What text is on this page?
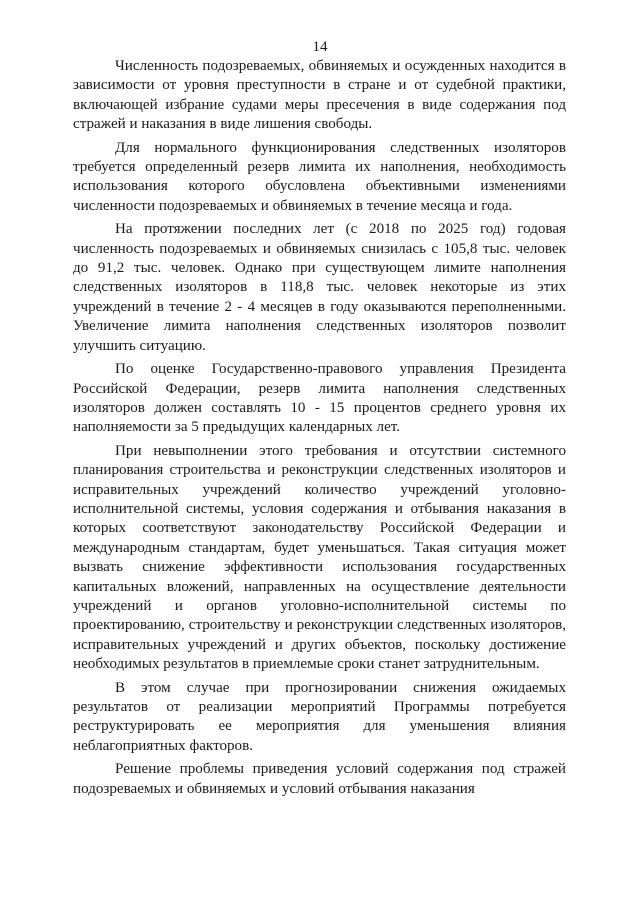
14

Численность подозреваемых, обвиняемых и осужденных находится в зависимости от уровня преступности в стране и от судебной практики, включающей избрание судами меры пресечения в виде содержания под стражей и наказания в виде лишения свободы.

Для нормального функционирования следственных изоляторов требуется определенный резерв лимита их наполнения, необходимость использования которого обусловлена объективными изменениями численности подозреваемых и обвиняемых в течение месяца и года.

На протяжении последних лет (с 2018 по 2025 год) годовая численность подозреваемых и обвиняемых снизилась с 105,8 тыс. человек до 91,2 тыс. человек. Однако при существующем лимите наполнения следственных изоляторов в 118,8 тыс. человек некоторые из этих учреждений в течение 2 - 4 месяцев в году оказываются переполненными. Увеличение лимита наполнения следственных изоляторов позволит улучшить ситуацию.

По оценке Государственно-правового управления Президента Российской Федерации, резерв лимита наполнения следственных изоляторов должен составлять 10 - 15 процентов среднего уровня их наполняемости за 5 предыдущих календарных лет.

При невыполнении этого требования и отсутствии системного планирования строительства и реконструкции следственных изоляторов и исправительных учреждений количество учреждений уголовно-исполнительной системы, условия содержания и отбывания наказания в которых соответствуют законодательству Российской Федерации и международным стандартам, будет уменьшаться. Такая ситуация может вызвать снижение эффективности использования государственных капитальных вложений, направленных на осуществление деятельности учреждений и органов уголовно-исполнительной системы по проектированию, строительству и реконструкции следственных изоляторов, исправительных учреждений и других объектов, поскольку достижение необходимых результатов в приемлемые сроки станет затруднительным.

В этом случае при прогнозировании снижения ожидаемых результатов от реализации мероприятий Программы потребуется реструктурировать ее мероприятия для уменьшения влияния неблагоприятных факторов.

Решение проблемы приведения условий содержания под стражей подозреваемых и обвиняемых и условий отбывания наказания
